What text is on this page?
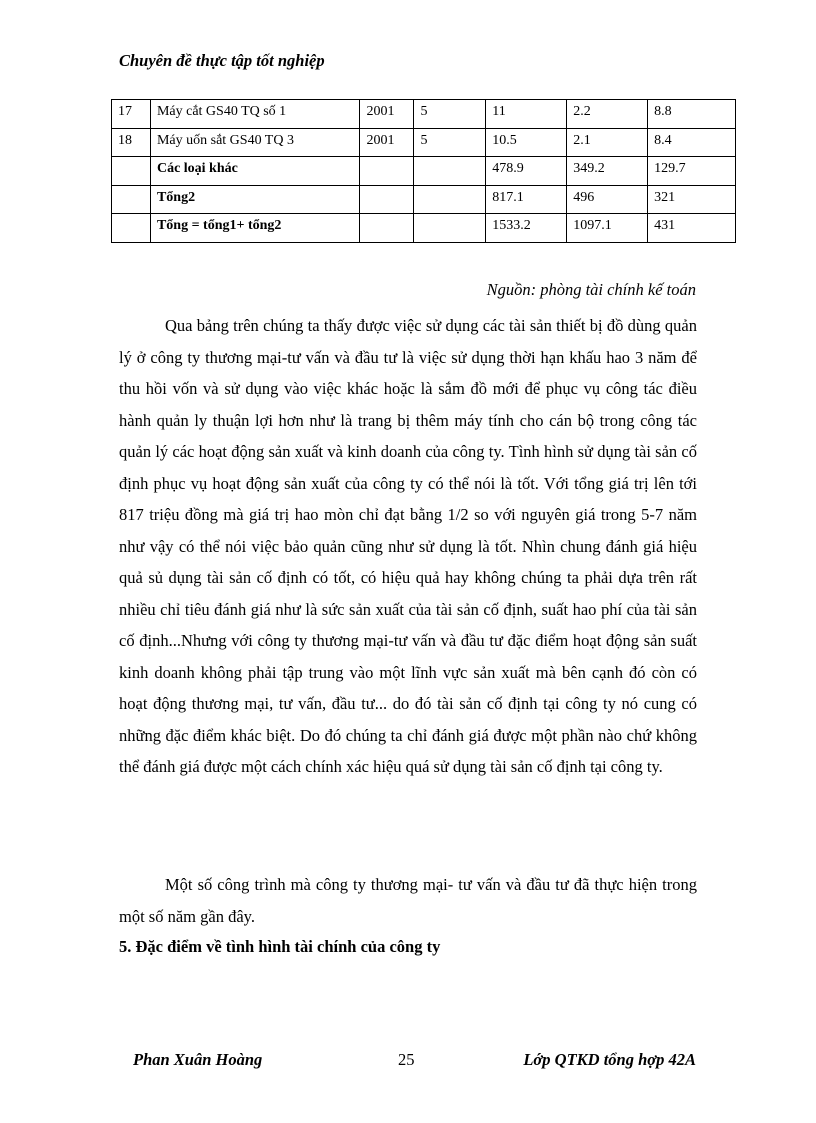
Chuyên đề thực tập tốt nghiệp
17	Máy cắt GS40 TQ số 1	2001	5	11	2.2	8.8
18	Máy uốn sắt GS40 TQ 3	2001	5	10.5	2.1	8.4
	Các loại khác			478.9	349.2	129.7
	Tổng2			817.1	496	321
	Tổng = tổng1+ tổng2			1533.2	1097.1	431
Nguồn: phòng tài chính kế toán

Qua bảng trên chúng ta thấy được việc sử dụng các tài sản thiết bị đồ dùng quản lý ở công ty thương mại-tư vấn và đầu tư là việc sử dụng thời hạn khấu hao 3 năm để thu hồi vốn và sử dụng vào việc khác hoặc là sắm đồ mới để phục vụ công tác điều hành quản ly thuận lợi hơn như là trang bị thêm máy tính cho cán bộ trong công tác quản lý các hoạt động sản xuất và kinh doanh của công ty. Tình hình sử dụng tài sản cố định phục vụ hoạt động sản xuất của công ty có thể nói là tốt. Với tổng giá trị lên tới 817 triệu đồng mà giá trị hao mòn chỉ đạt bằng 1/2 so với nguyên giá trong 5-7 năm như vậy có thể nói việc bảo quản cũng như sử dụng là tốt. Nhìn chung đánh giá hiệu quả sủ dụng tài sản cố định có tốt, có hiệu quả hay không chúng ta phải dựa trên rất nhiều chỉ tiêu đánh giá như là sức sản xuất của tài sản cố định, suất hao phí của tài sản cố định...Nhưng với công ty thương mại-tư vấn và đầu tư đặc điểm hoạt động sản suất kinh doanh không phải tập trung vào một lĩnh vực sản xuất mà bên cạnh đó còn có hoạt động thương mại, tư vấn, đầu tư... do đó tài sản cố định tại công ty nó cung có những đặc điểm khác biệt. Do đó chúng ta chỉ đánh giá được một phần nào chứ không thể đánh giá được một cách chính xác hiệu quá sử dụng tài sản cố định tại công ty.

Một số công trình mà công ty thương mại- tư vấn và đầu tư đã thực hiện trong một số năm gần đây.

5. Đặc điểm về tình hình tài chính của công ty
Phan Xuân Hoàng	25	Lớp QTKD tổng hợp 42A
